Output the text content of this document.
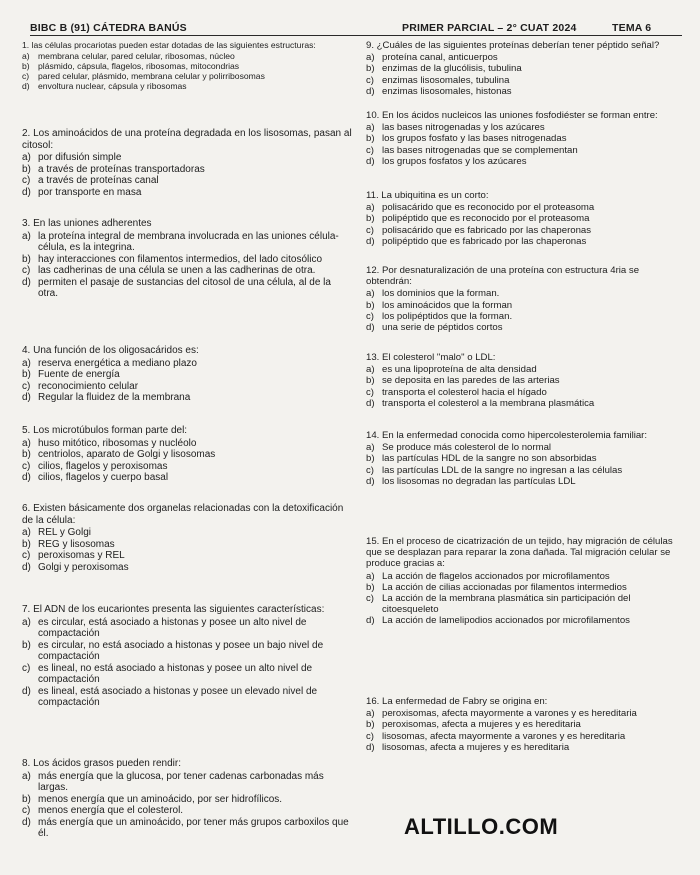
BIBC B (91) CÁTEDRA BANÚS	PRIMER PARCIAL – 2° CUAT 2024	TEMA 6
1. las células procariotas pueden estar dotadas de las siguientes estructuras:
a) membrana celular, pared celular, ribosomas, núcleo
b) plásmido, cápsula, flagelos, ribosomas, mitocondrias
c)	pared celular, plásmido, membrana celular y polirribosomas
d) envoltura nuclear, cápsula y ribosomas
2. Los aminoácidos de una proteína degradada en los lisosomas, pasan al citosol:
a) por difusión simple
b) a través de proteínas transportadoras
c) a través de proteínas canal
d) por transporte en masa
3. En las uniones adherentes
a) la proteína integral de membrana involucrada en las uniones célula-célula, es la integrina.
b) hay interacciones con filamentos intermedios, del lado citosólico
c) las cadherinas de una célula se unen a las cadherinas de otra.
d) permiten el pasaje de sustancias del citosol de una célula, al de la otra.
4. Una función de los oligosacáridos es:
a) reserva energética a mediano plazo
b) Fuente de energía
c) reconocimiento celular
d) Regular la fluidez de la membrana
5. Los microtúbulos forman parte del:
a) huso mitótico, ribosomas y nucléolo
b) centriolos, aparato de Golgi y lisosomas
c) cilios, flagelos y peroxisomas
d) cilios, flagelos y cuerpo basal
6. Existen básicamente dos organelas relacionadas con la detoxificación de la célula:
a) REL y Golgi
b) REG y lisosomas
c) peroxisomas y REL
d) Golgi y peroxisomas
7. El ADN de los eucariontes presenta las siguientes características:
a) es circular, está asociado a histonas y posee un alto nivel de compactación
b) es circular, no está asociado a histonas y posee un bajo nivel de compactación
c) es lineal, no está asociado a histonas y posee un alto nivel de compactación
d) es lineal, está asociado a histonas y posee un elevado nivel de compactación
8. Los ácidos grasos pueden rendir:
a) más energía que la glucosa, por tener cadenas carbonadas más largas.
b) menos energía que un aminoácido, por ser hidrofílicos.
c) menos energía que el colesterol.
d) más energía que un aminoácido, por tener más grupos carboxilos que él.
9. ¿Cuáles de las siguientes proteínas deberían tener péptido señal?
a) proteína canal, anticuerpos
b) enzimas de la glucólisis, tubulina
c) enzimas lisosomales, tubulina
d) enzimas lisosomales, histonas
10. En los ácidos nucleicos las uniones fosfodiéster se forman entre:
a) las bases nitrogenadas y los azúcares
b) los grupos fosfato y las bases nitrogenadas
c) las bases nitrogenadas que se complementan
d) los grupos fosfatos y los azúcares
11. La ubiquitina es un corto:
a) polisacárido que es reconocido por el proteasoma
b) polipéptido que es reconocido por el proteasoma
c) polisacárido que es fabricado por las chaperonas
d) polipéptido que es fabricado por las chaperonas
12. Por desnaturalización de una proteína con estructura 4ria se obtendrán:
a) los dominios que la forman.
b) los aminoácidos que la forman
c) los polipéptidos que la forman.
d) una serie de péptidos cortos
13. El colesterol "malo" o LDL:
a) es una lipoproteína de alta densidad
b) se deposita en las paredes de las arterias
c) transporta el colesterol hacia el hígado
d) transporta el colesterol a la membrana plasmática
14. En la enfermedad conocida como hipercolesterolemia familiar:
a) Se produce más colesterol de lo normal
b) las partículas HDL de la sangre no son absorbidas
c) las partículas LDL de la sangre no ingresan a las células
d) los lisosomas no degradan las partículas LDL
15. En el proceso de cicatrización de un tejido, hay migración de células que se desplazan para reparar la zona dañada. Tal migración celular se produce gracias a:
a) La acción de flagelos accionados por microfilamentos
b) La acción de cilias accionadas por filamentos intermedios
c) La acción de la membrana plasmática sin participación del citoesqueleto
d) La acción de lamelipodios accionados por microfilamentos
16. La enfermedad de Fabry se origina en:
a) peroxisomas, afecta mayormente a varones y es hereditaria
b) peroxisomas, afecta a mujeres y es hereditaria
c) lisosomas, afecta mayormente a varones y es hereditaria
d) lisosomas, afecta a mujeres y es hereditaria
ALTILLO.COM
